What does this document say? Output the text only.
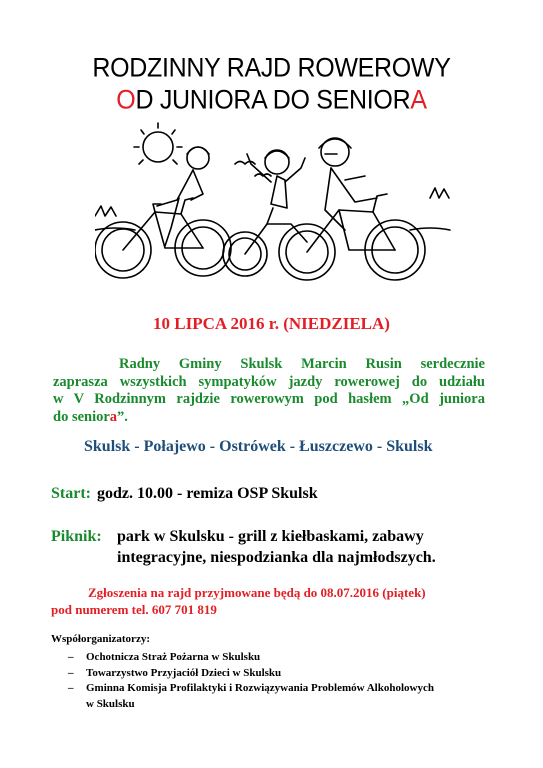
RODZINNY RAJD ROWEROWY
OD JUNIORA DO SENIORA
10 LIPCA 2016 r. (NIEDZIELA)
Radny Gminy Skulsk Marcin Rusin serdecznie
zaprasza wszystkich sympatyków jazdy rowerowej do udziału
w V Rodzinnym rajdzie rowerowym pod hasłem „Od juniora
do seniora”.
Skulsk - Połajewo - Ostrówek - Łuszczewo - Skulsk
Start: godz. 10.00 - remiza OSP Skulsk
Piknik: park w Skulsku - grill z kiełbaskami, zabawy
integracyjne, niespodzianka dla najmłodszych.
Zgłoszenia na rajd przyjmowane będą do 08.07.2016 (piątek)
pod numerem tel. 607 701 819
Współorganizatorzy:
– Ochotnicza Straż Pożarna w Skulsku
– Towarzystwo Przyjaciół Dzieci w Skulsku
– Gminna Komisja Profilaktyki i Rozwiązywania Problemów Alkoholowych
w Skulsku
